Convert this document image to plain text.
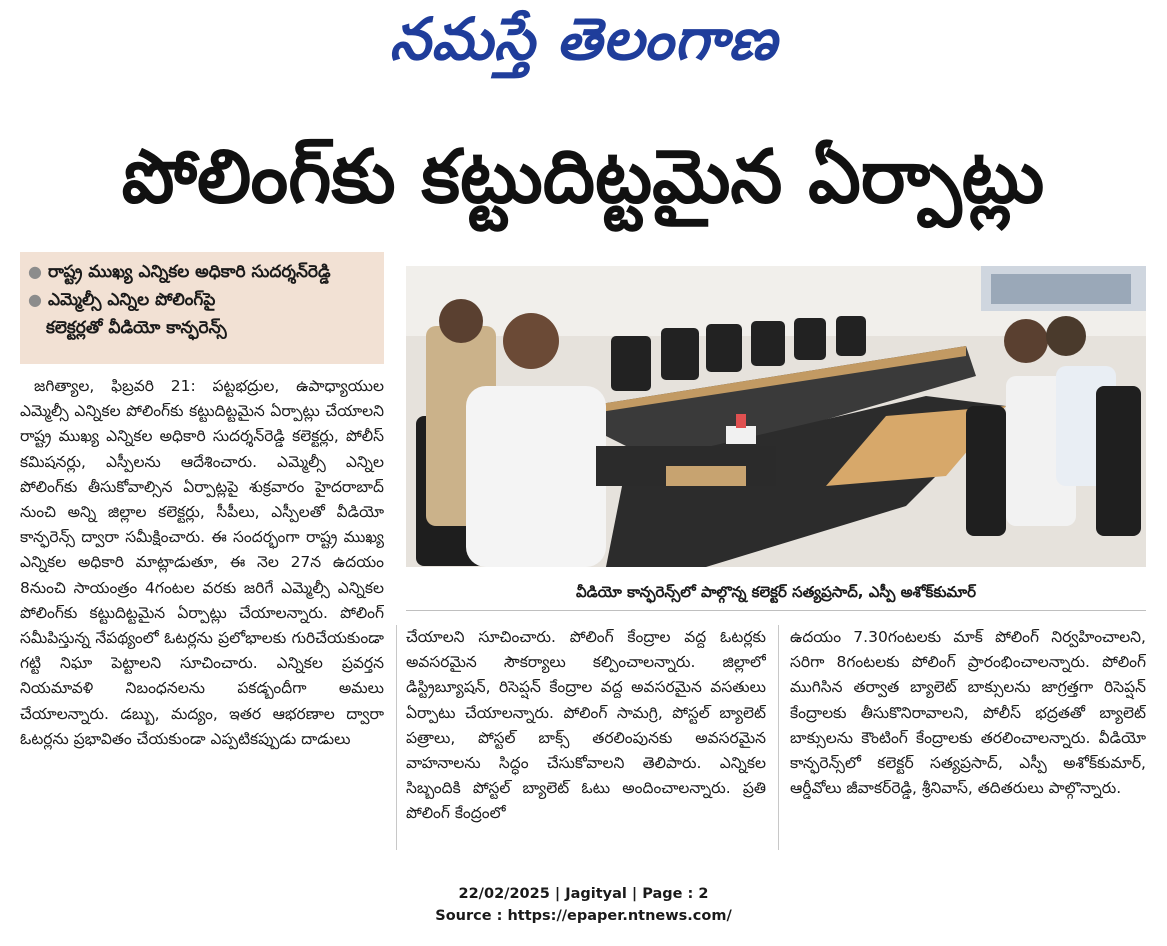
నమస్తే తెలంగాణ
పోలింగ్‌కు కట్టుదిట్టమైన ఏర్పాట్లు
● రాష్ట్ర ముఖ్య ఎన్నికల అధికారి సుదర్శన్‌రెడ్డి
● ఎమ్మెల్సీ ఎన్నిల పోలింగ్‌పై
కలెక్టర్లతో వీడియో కాన్ఫరెన్స్
వీడియో కాన్ఫరెన్స్‌లో పాల్గొన్న కలెక్టర్ సత్యప్రసాద్, ఎస్పీ అశోక్‌కుమార్
జగిత్యాల, ఫిబ్రవరి 21: పట్టభద్రుల, ఉపాధ్యాయుల ఎమ్మెల్సీ ఎన్నికల పోలింగ్‌కు కట్టుదిట్టమైన ఏర్పాట్లు చేయాలని రాష్ట్ర ముఖ్య ఎన్నికల అధికారి సుదర్శన్‌రెడ్డి కలెక్టర్లు, పోలీస్ కమిషనర్లు, ఎస్పీలను ఆదేశించారు. ఎమ్మెల్సీ ఎన్నిల పోలింగ్‌కు తీసుకోవాల్సిన ఏర్పాట్లపై శుక్రవారం హైదరాబాద్ నుంచి అన్ని జిల్లాల కలెక్టర్లు, సీపీలు, ఎస్పీలతో వీడియో కాన్ఫరెన్స్ ద్వారా సమీక్షించారు. ఈ సందర్భంగా రాష్ట్ర ముఖ్య ఎన్నికల అధికారి మాట్లాడుతూ, ఈ నెల 27న ఉదయం 8నుంచి సాయంత్రం 4గంటల వరకు జరిగే ఎమ్మెల్సీ ఎన్నికల పోలింగ్‌కు కట్టుదిట్టమైన ఏర్పాట్లు చేయాలన్నారు. పోలింగ్ సమీపిస్తున్న నేపథ్యంలో ఓటర్లను ప్రలోభాలకు గురిచేయకుండా గట్టి నిఘా పెట్టాలని సూచించారు. ఎన్నికల ప్రవర్తన నియమావళి నిబంధనలను పకడ్బందీగా అమలు చేయాలన్నారు. డబ్బు, మద్యం, ఇతర ఆభరణాల ద్వారా ఓటర్లను ప్రభావితం చేయకుండా ఎప్పటికప్పుడు దాడులు
చేయాలని సూచించారు. పోలింగ్ కేంద్రాల వద్ద ఓటర్లకు అవసరమైన సౌకర్యాలు కల్పించాలన్నారు. జిల్లాలో డిస్ట్రిబ్యూషన్, రిసెప్షన్ కేంద్రాల వద్ద అవసరమైన వసతులు ఏర్పాటు చేయాలన్నారు. పోలింగ్ సామగ్రి, పోస్టల్ బ్యాలెట్ పత్రాలు, పోస్టల్ బాక్స్ తరలింపునకు అవసరమైన వాహనాలను సిద్ధం చేసుకోవాలని తెలిపారు. ఎన్నికల సిబ్బందికి పోస్టల్ బ్యాలెట్ ఓటు అందించాలన్నారు. ప్రతి పోలింగ్ కేంద్రంలో
ఉదయం 7.30గంటలకు మాక్ పోలింగ్ నిర్వహించాలని, సరిగా 8గంటలకు పోలింగ్ ప్రారంభించాలన్నారు. పోలింగ్ ముగిసిన తర్వాత బ్యాలెట్ బాక్సులను జాగ్రత్తగా రిసెప్షన్ కేంద్రాలకు తీసుకొనిరావాలని, పోలీస్ భద్రతతో బ్యాలెట్ బాక్సులను కౌంటింగ్ కేంద్రాలకు తరలించాలన్నారు. వీడియో కాన్ఫరెన్స్‌లో కలెక్టర్ సత్యప్రసాద్, ఎస్పీ అశోక్‌కుమార్, ఆర్డీవోలు జీవాకర్‌రెడ్డి, శ్రీనివాస్, తదితరులు పాల్గొన్నారు.
22/02/2025 | Jagityal | Page : 2
Source : https://epaper.ntnews.com/
